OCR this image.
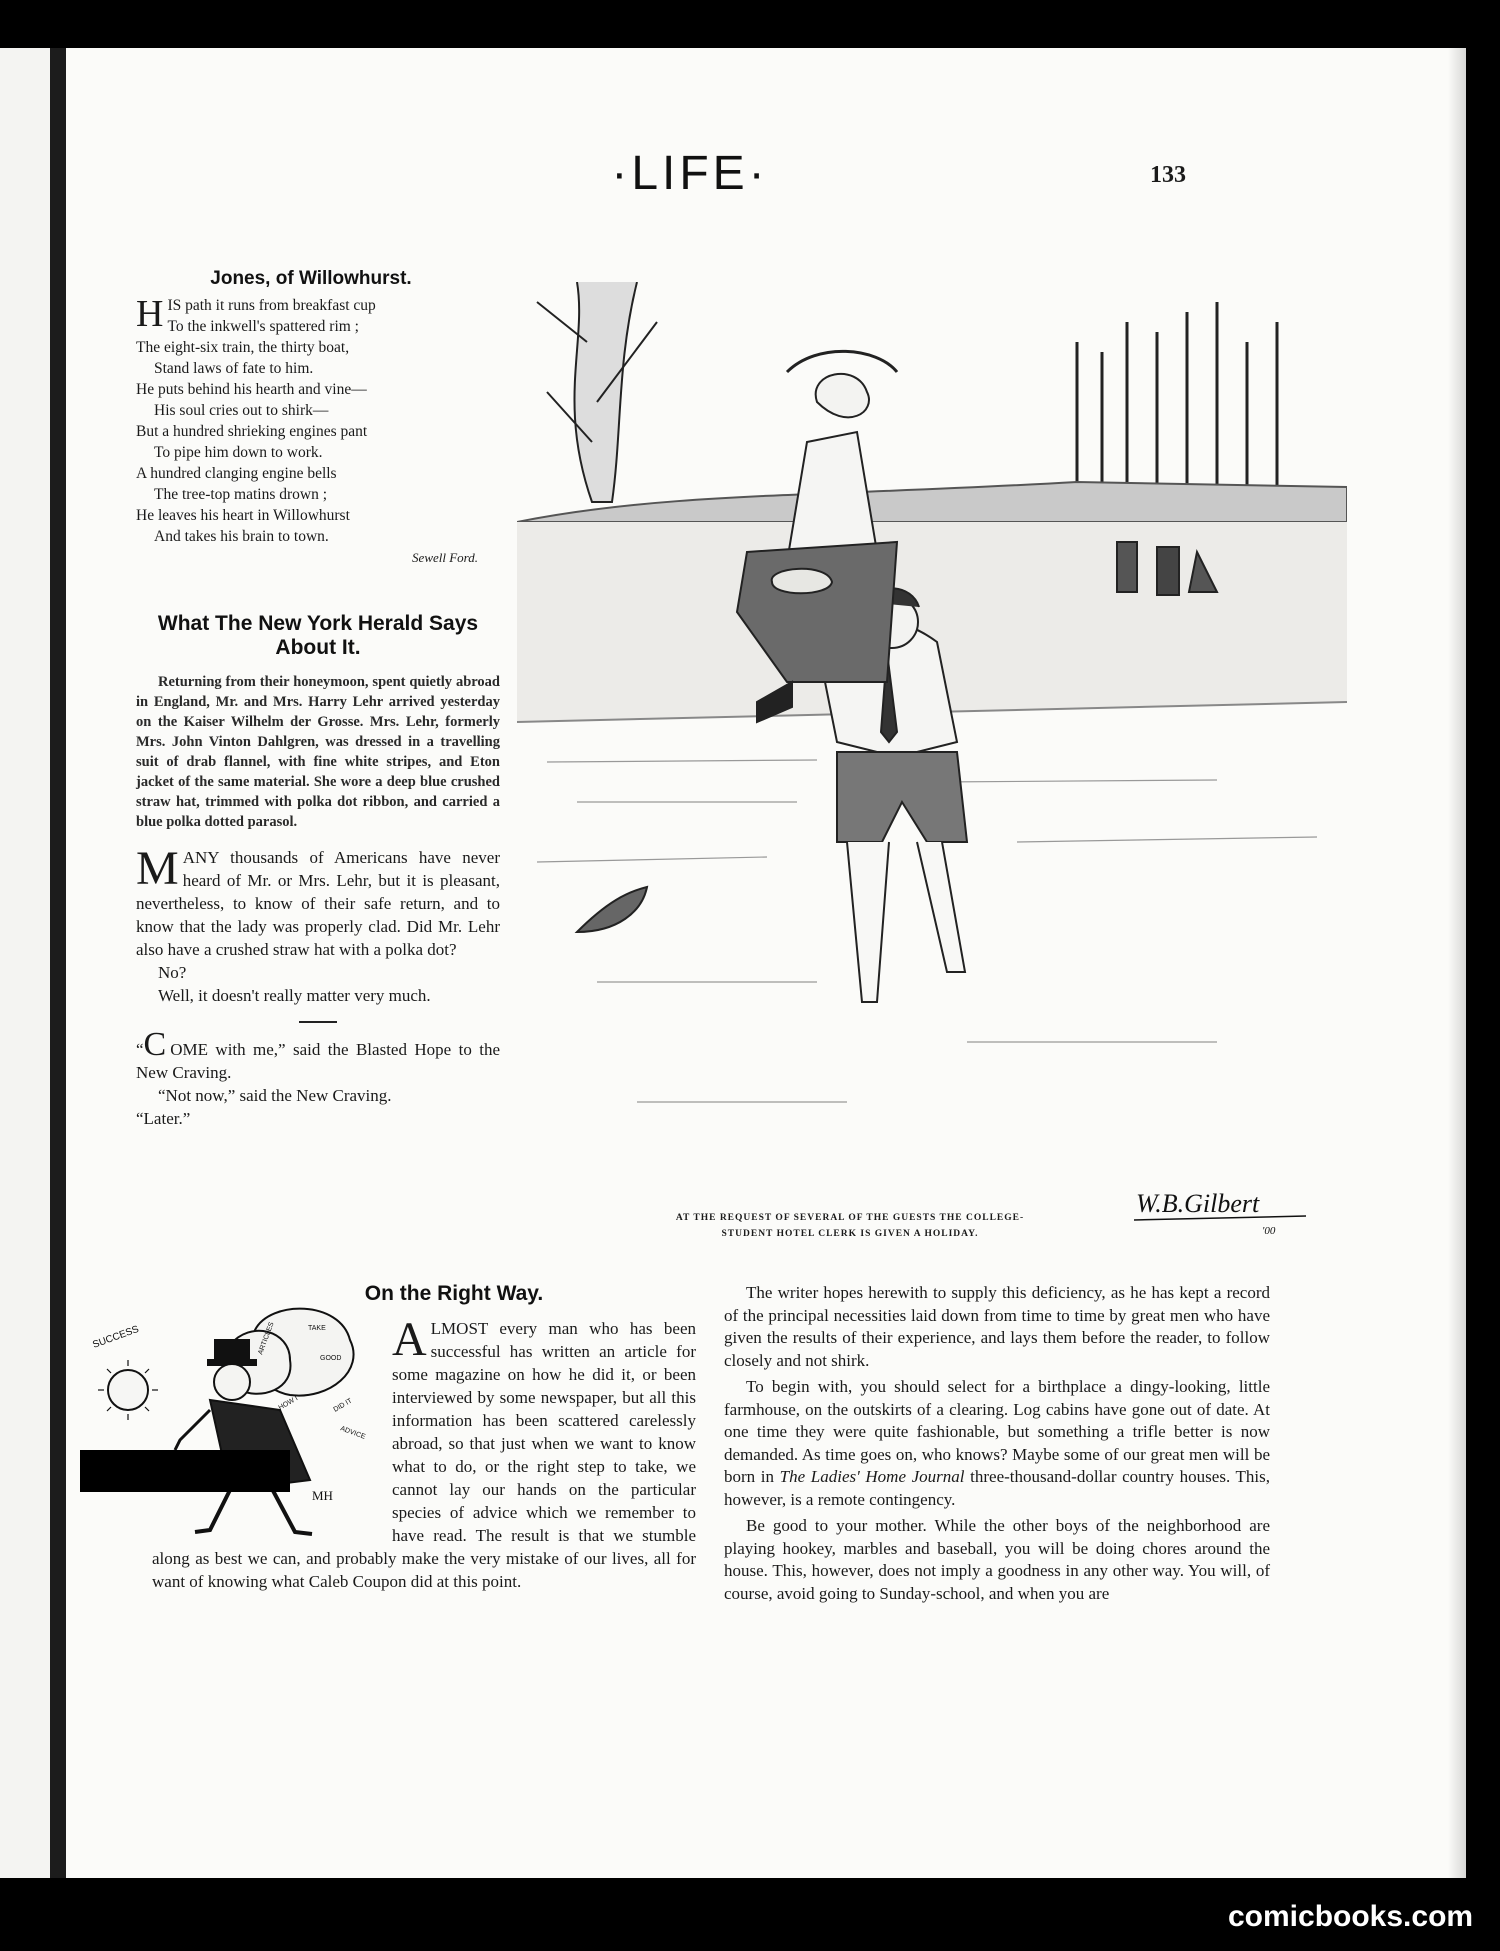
·LIFE·	133
Jones, of Willowhurst.
HIS path it runs from breakfast cup
To the inkwell's spattered rim ;
The eight-six train, the thirty boat,
Stand laws of fate to him.
He puts behind his hearth and vine—
His soul cries out to shirk—
But a hundred shrieking engines pant
To pipe him down to work.
A hundred clanging engine bells
The tree-top matins drown ;
He leaves his heart in Willowhurst
And takes his brain to town.
Sewell Ford.
What The New York Herald Says About It.

Returning from their honeymoon, spent quietly abroad in England, Mr. and Mrs. Harry Lehr arrived yesterday on the Kaiser Wilhelm der Grosse. Mrs. Lehr, formerly Mrs. John Vinton Dahlgren, was dressed in a travelling suit of drab flannel, with fine white stripes, and Eton jacket of the same material. She wore a deep blue crushed straw hat, trimmed with polka dot ribbon, and carried a blue polka dotted parasol.

MANY thousands of Americans have never heard of Mr. or Mrs. Lehr, but it is pleasant, nevertheless, to know of their safe return, and to know that the lady was properly clad. Did Mr. Lehr also have a crushed straw hat with a polka dot?

No?

Well, it doesn't really matter very much.

“C OME with me,” said the Blasted Hope to the New Craving.

“Not now,” said the New Craving.

“Later.”

W.B.Gilbert
'00
AT THE REQUEST OF SEVERAL OF THE GUESTS THE COLLEGE-
STUDENT HOTEL CLERK IS GIVEN A HOLIDAY.
On the Right Way.

ALMOST every man who has been successful has written an article for some magazine on how he did it, or been interviewed by some newspaper, but all this information has been scattered carelessly abroad, so that just when we want to know what to do, or the right step to take, we cannot lay our hands on the particular species of advice which we remember to have read. The result is that we stumble along as best we can, and probably make the very mistake of our lives, all for want of knowing what Caleb Coupon did at this point.

SUCCESS	ARTICLES	TAKE
GOOD
HOW I	DID IT
ADVICE
MH

The writer hopes herewith to supply this deficiency, as he has kept a record of the principal necessities laid down from time to time by great men who have given the results of their experience, and lays them before the reader, to follow closely and not shirk.

To begin with, you should select for a birthplace a dingy-looking, little farmhouse, on the outskirts of a clearing. Log cabins have gone out of date. At one time they were quite fashionable, but something a trifle better is now demanded. As time goes on, who knows? Maybe some of our great men will be born in The Ladies' Home Journal three-thousand-dollar country houses. This, however, is a remote contingency.

Be good to your mother. While the other boys of the neighborhood are playing hookey, marbles and baseball, you will be doing chores around the house. This, however, does not imply a goodness in any other way. You will, of course, avoid going to Sunday-school, and when you are

comicbooks.com
